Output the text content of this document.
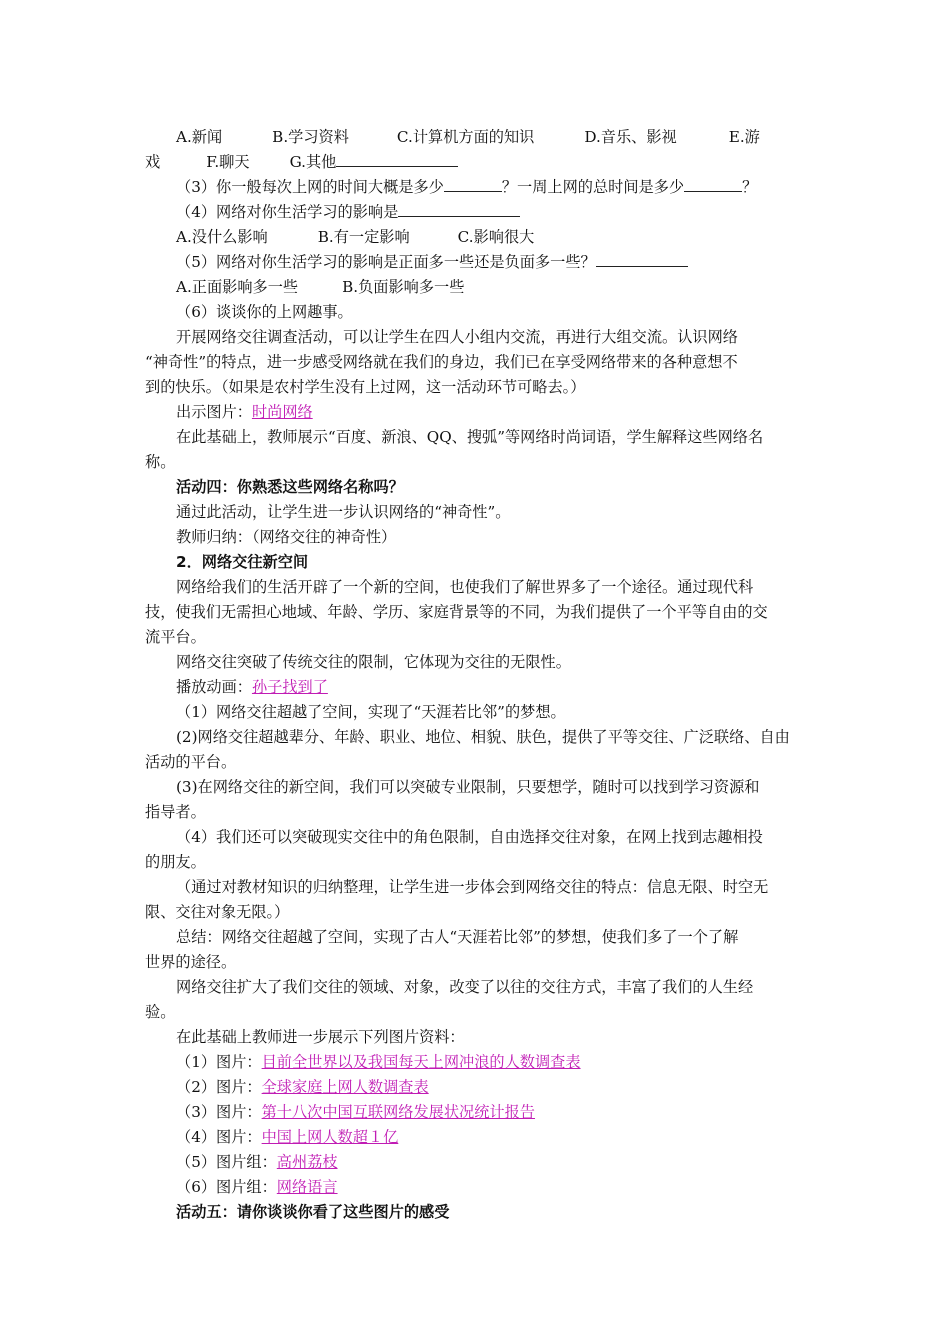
A.新闻	B.学习资料	C.计算机方面的知识	D.音乐、影视	E.游
戏	F.聊天	G.其他
（3）你一般每次上网的时间大概是多少	？一周上网的总时间是多少	？
（4）网络对你生活学习的影响是
A.没什么影响	B.有一定影响	C.影响很大
（5）网络对你生活学习的影响是正面多一些还是负面多一些？
A.正面影响多一些	B.负面影响多一些
（6）谈谈你的上网趣事。
开展网络交往调查活动，可以让学生在四人小组内交流，再进行大组交流。认识网络
“神奇性”的特点，进一步感受网络就在我们的身边，我们已在享受网络带来的各种意想不
到的快乐。（如果是农村学生没有上过网，这一活动环节可略去。）
出示图片：时尚网络
在此基础上，教师展示“百度、新浪、QQ、搜弧”等网络时尚词语，学生解释这些网络名
称。
活动四：你熟悉这些网络名称吗？
通过此活动，让学生进一步认识网络的“神奇性”。
教师归纳：（网络交往的神奇性）
2．网络交往新空间
网络给我们的生活开辟了一个新的空间，也使我们了解世界多了一个途径。通过现代科
技，使我们无需担心地域、年龄、学历、家庭背景等的不同，为我们提供了一个平等自由的交
流平台。
网络交往突破了传统交往的限制，它体现为交往的无限性。
播放动画：孙子找到了
（1）网络交往超越了空间，实现了“天涯若比邻”的梦想。
(2)网络交往超越辈分、年龄、职业、地位、相貌、肤色，提供了平等交往、广泛联络、自由
活动的平台。
(3)在网络交往的新空间，我们可以突破专业限制，只要想学，随时可以找到学习资源和
指导者。
（4）我们还可以突破现实交往中的角色限制，自由选择交往对象，在网上找到志趣相投
的朋友。
（通过对教材知识的归纳整理，让学生进一步体会到网络交往的特点：信息无限、时空无
限、交往对象无限。）
总结：网络交往超越了空间，实现了古人“天涯若比邻”的梦想，使我们多了一个了解
世界的途径。
网络交往扩大了我们交往的领域、对象，改变了以往的交往方式，丰富了我们的人生经
验。
在此基础上教师进一步展示下列图片资料：
（1）图片：目前全世界以及我国每天上网冲浪的人数调查表
（2）图片：全球家庭上网人数调查表
（3）图片：第十八次中国互联网络发展状况统计报告
（4）图片：中国上网人数超１亿
（5）图片组：高州荔枝
（6）图片组：网络语言
活动五：请你谈谈你看了这些图片的感受
